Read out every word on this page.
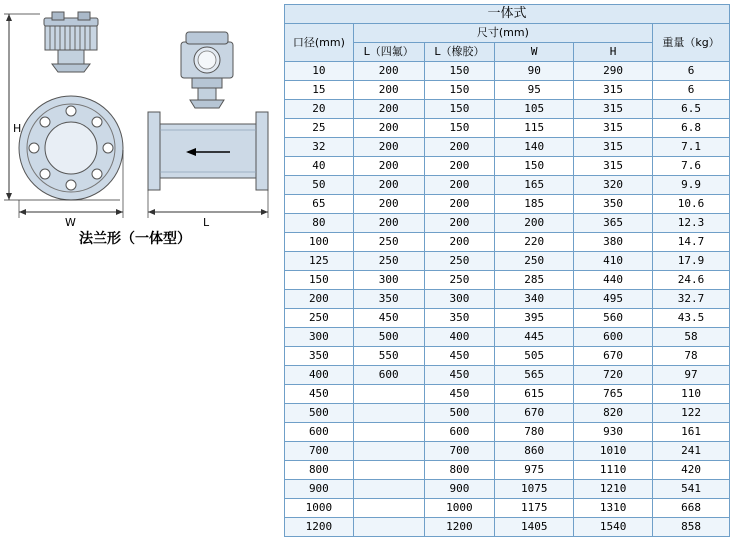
H
W	L
法兰形（一体型）
一体式					
口径(mm)	尺寸(mm)				重量（kg）
	L（四氟）	L（橡胶）	W	H	
10	200	150	90	290	6
15	200	150	95	315	6
20	200	150	105	315	6.5
25	200	150	115	315	6.8
32	200	200	140	315	7.1
40	200	200	150	315	7.6
50	200	200	165	320	9.9
65	200	200	185	350	10.6
80	200	200	200	365	12.3
100	250	200	220	380	14.7
125	250	250	250	410	17.9
150	300	250	285	440	24.6
200	350	300	340	495	32.7
250	450	350	395	560	43.5
300	500	400	445	600	58
350	550	450	505	670	78
400	600	450	565	720	97
450		450	615	765	110
500		500	670	820	122
600		600	780	930	161
700		700	860	1010	241
800		800	975	1110	420
900		900	1075	1210	541
1000		1000	1175	1310	668
1200		1200	1405	1540	858
